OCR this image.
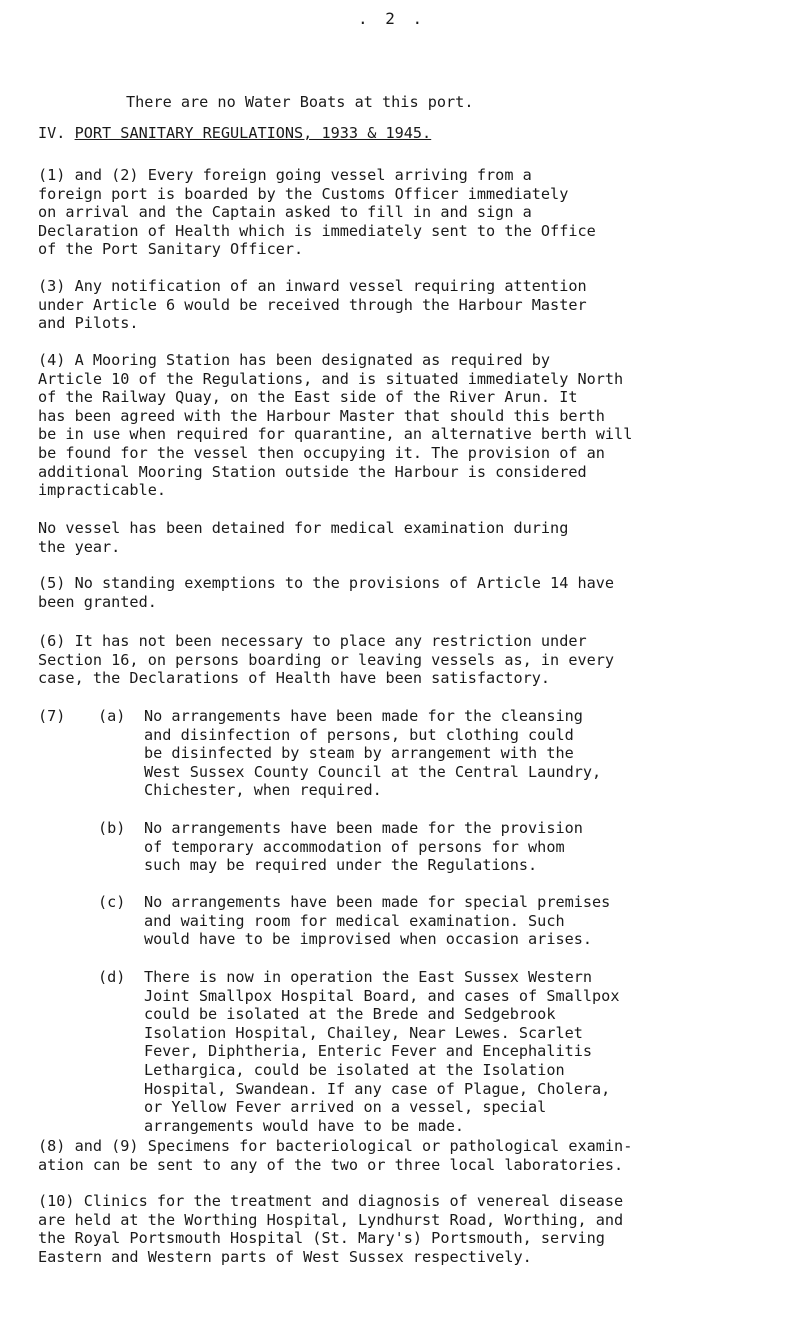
. 2 .
There are no Water Boats at this port.
IV. PORT SANITARY REGULATIONS, 1933 & 1945.
(1) and (2) Every foreign going vessel arriving from a
foreign port is boarded by the Customs Officer immediately
on arrival and the Captain asked to fill in and sign a
Declaration of Health which is immediately sent to the Office
of the Port Sanitary Officer.
(3) Any notification of an inward vessel requiring attention
under Article 6 would be received through the Harbour Master
and Pilots.
(4) A Mooring Station has been designated as required by
Article 10 of the Regulations, and is situated immediately North
of the Railway Quay, on the East side of the River Arun. It
has been agreed with the Harbour Master that should this berth
be in use when required for quarantine, an alternative berth will
be found for the vessel then occupying it. The provision of an
additional Mooring Station outside the Harbour is considered
impracticable.
No vessel has been detained for medical examination during
the year.
(5) No standing exemptions to the provisions of Article 14 have
been granted.
(6) It has not been necessary to place any restriction under
Section 16, on persons boarding or leaving vessels as, in every
case, the Declarations of Health have been satisfactory.
(7) (a) No arrangements have been made for the cleansing
and disinfection of persons, but clothing could
be disinfected by steam by arrangement with the
West Sussex County Council at the Central Laundry,
Chichester, when required.
(b) No arrangements have been made for the provision
of temporary accommodation of persons for whom
such may be required under the Regulations.
(c) No arrangements have been made for special premises
and waiting room for medical examination. Such
would have to be improvised when occasion arises.
(d) There is now in operation the East Sussex Western
Joint Smallpox Hospital Board, and cases of Smallpox
could be isolated at the Brede and Sedgebrook
Isolation Hospital, Chailey, Near Lewes. Scarlet
Fever, Diphtheria, Enteric Fever and Encephalitis
Lethargica, could be isolated at the Isolation
Hospital, Swandean. If any case of Plague, Cholera,
or Yellow Fever arrived on a vessel, special
arrangements would have to be made.
(8) and (9) Specimens for bacteriological or pathological examin-
ation can be sent to any of the two or three local laboratories.
(10) Clinics for the treatment and diagnosis of venereal disease
are held at the Worthing Hospital, Lyndhurst Road, Worthing, and
the Royal Portsmouth Hospital (St. Mary's) Portsmouth, serving
Eastern and Western parts of West Sussex respectively.
